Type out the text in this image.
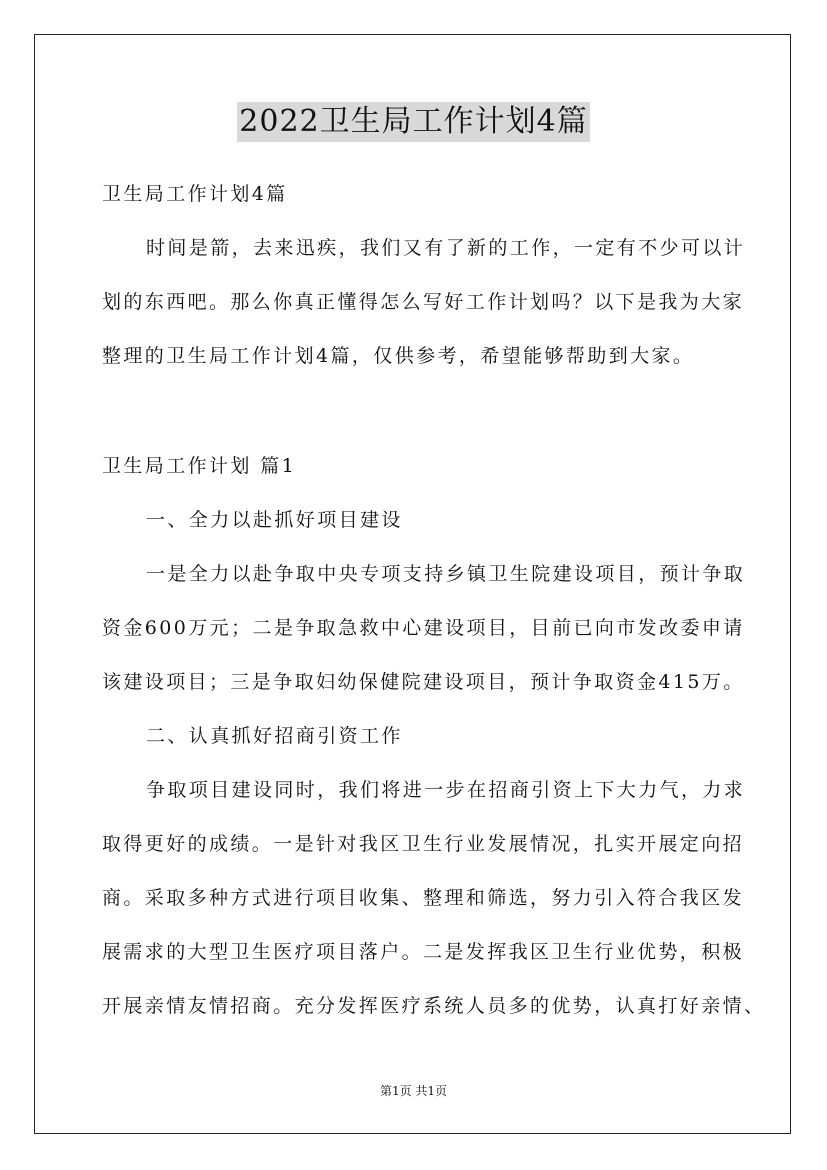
2022卫生局工作计划4篇
卫生局工作计划4篇
时间是箭，去来迅疾，我们又有了新的工作，一定有不少可以计
划的东西吧。那么你真正懂得怎么写好工作计划吗？以下是我为大家
整理的卫生局工作计划4篇，仅供参考，希望能够帮助到大家。
卫生局工作计划 篇1
一、全力以赴抓好项目建设
一是全力以赴争取中央专项支持乡镇卫生院建设项目，预计争取
资金600万元；二是争取急救中心建设项目，目前已向市发改委申请
该建设项目；三是争取妇幼保健院建设项目，预计争取资金415万。
二、认真抓好招商引资工作
争取项目建设同时，我们将进一步在招商引资上下大力气，力求
取得更好的成绩。一是针对我区卫生行业发展情况，扎实开展定向招
商。采取多种方式进行项目收集、整理和筛选，努力引入符合我区发
展需求的大型卫生医疗项目落户。二是发挥我区卫生行业优势，积极
开展亲情友情招商。充分发挥医疗系统人员多的优势，认真打好亲情、
第1页 共1页
